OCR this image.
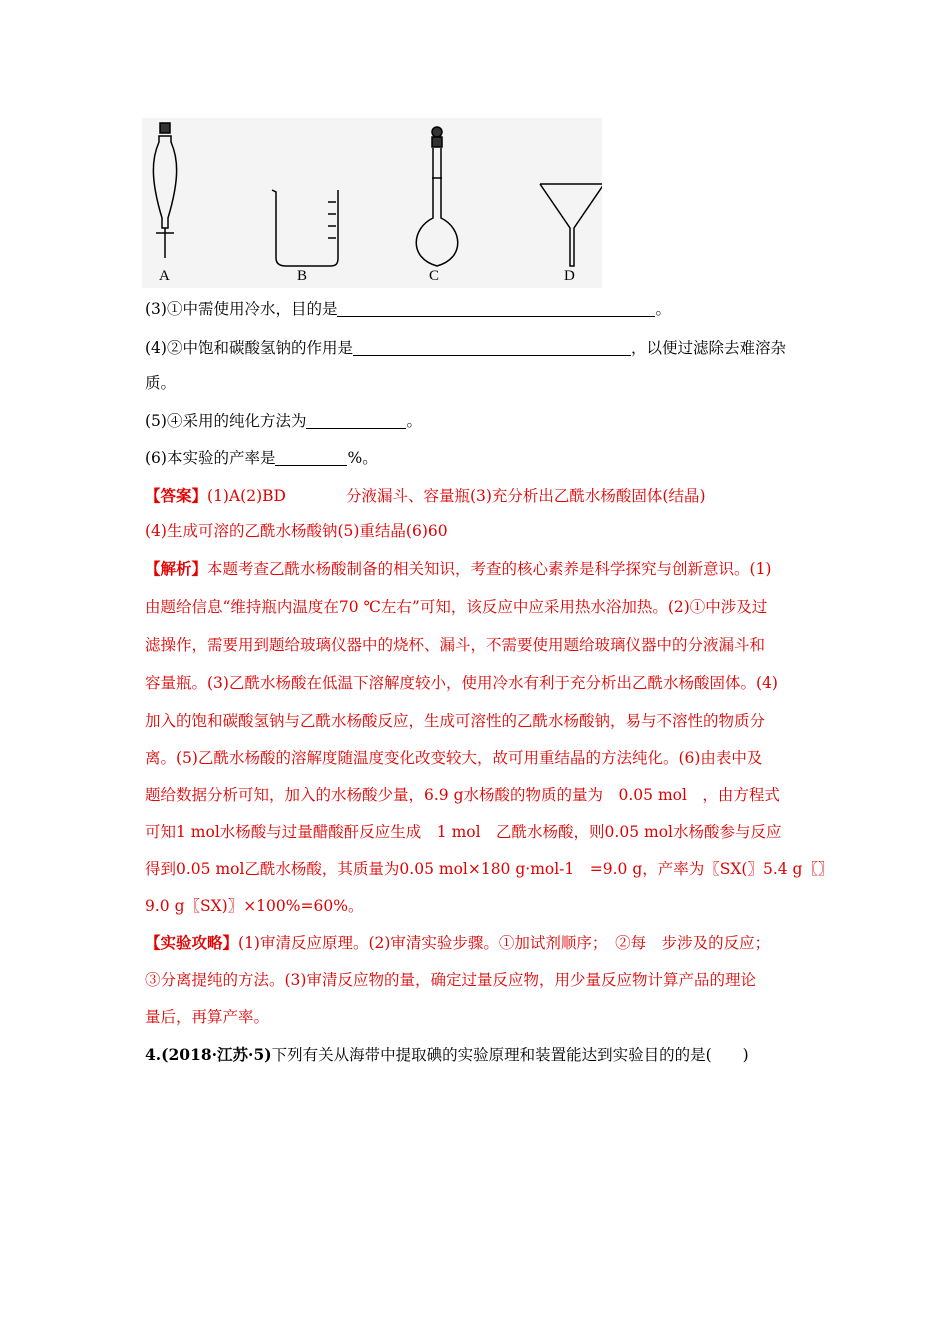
A	B	C	D
(3)①中需使用冷水，目的是	。
(4)②中饱和碳酸氢钠的作用是	，以便过滤除去难溶杂
质。
(5)④采用的纯化方法为	。
(6)本实验的产率是	%。
【答案】(1)A(2)BD	分液漏斗、容量瓶(3)充分析出乙酰水杨酸固体(结晶)
(4)生成可溶的乙酰水杨酸钠(5)重结晶(6)60
【解析】本题考查乙酰水杨酸制备的相关知识，考查的核心素养是科学探究与创新意识。(1)
由题给信息“维持瓶内温度在70 ℃左右”可知，该反应中应采用热水浴加热。(2)①中涉及过
滤操作，需要用到题给玻璃仪器中的烧杯、漏斗，不需要使用题给玻璃仪器中的分液漏斗和
容量瓶。(3)乙酰水杨酸在低温下溶解度较小，使用冷水有利于充分析出乙酰水杨酸固体。(4)
加入的饱和碳酸氢钠与乙酰水杨酸反应，生成可溶性的乙酰水杨酸钠，易与不溶性的物质分
离。(5)乙酰水杨酸的溶解度随温度变化改变较大，故可用重结晶的方法纯化。(6)由表中及
题给数据分析可知，加入的水杨酸少量，6.9 g水杨酸的物质的量为　0.05 mol　，由方程式
可知1 mol水杨酸与过量醋酸酐反应生成　1 mol　乙酰水杨酸，则0.05 mol水杨酸参与反应
得到0.05 mol乙酰水杨酸，其质量为0.05 mol×180 g·mol-1　=9.0 g，产率为〖SX(〗5.4 g〖〗
9.0 g〖SX)〗×100%=60%。
【实验攻略】(1)审清反应原理。(2)审清实验步骤。①加试剂顺序；　②每　步涉及的反应；
③分离提纯的方法。(3)审清反应物的量，确定过量反应物，用少量反应物计算产品的理论
量后，再算产率。
4.(2018·江苏·5)下列有关从海带中提取碘的实验原理和装置能达到实验目的的是(　　)
